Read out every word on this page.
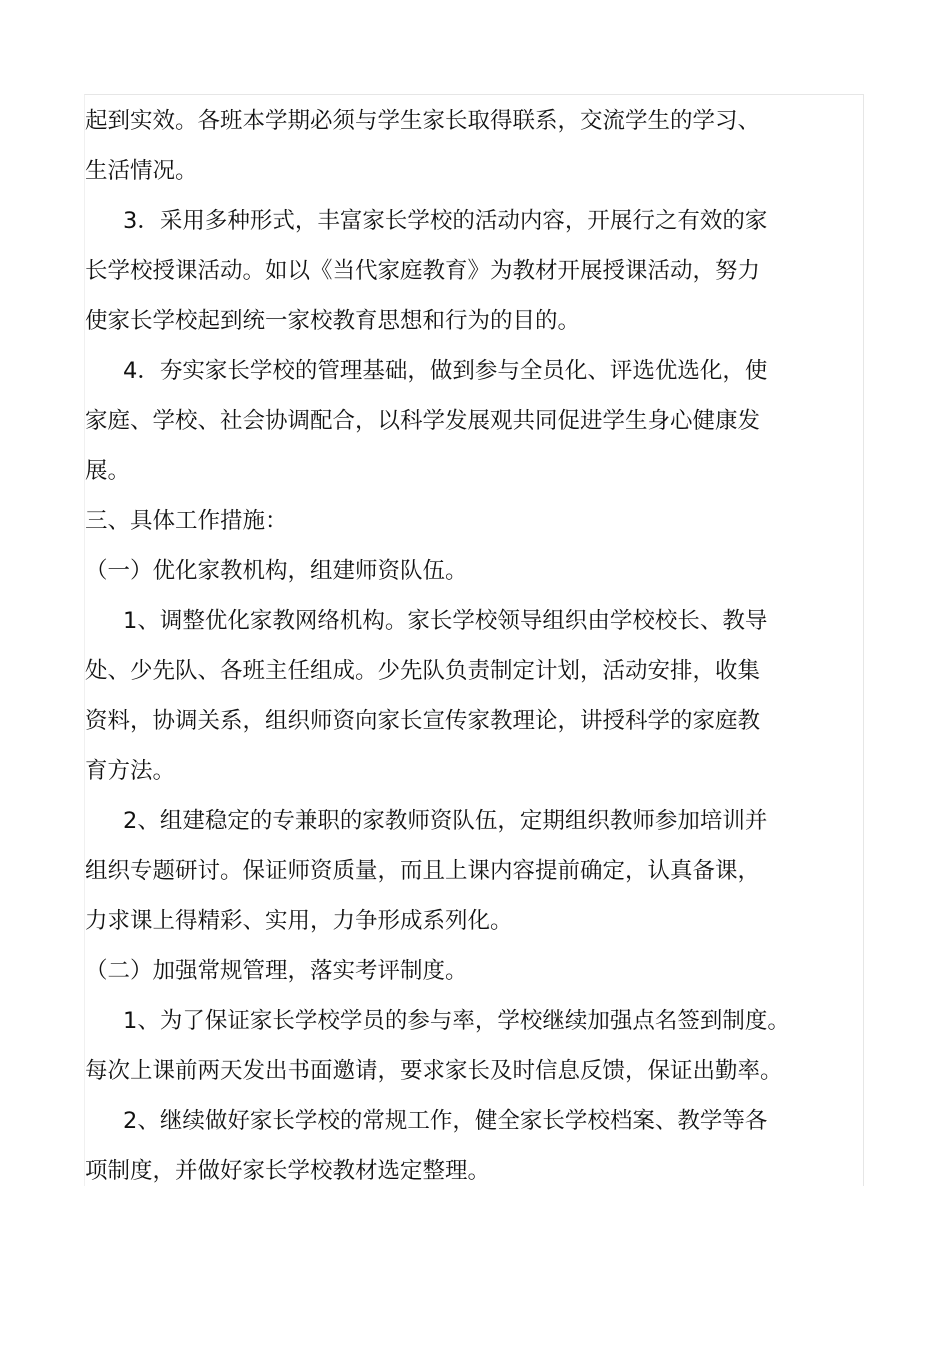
起到实效。各班本学期必须与学生家长取得联系，交流学生的学习、
生活情况。
3．采用多种形式，丰富家长学校的活动内容，开展行之有效的家
长学校授课活动。如以《当代家庭教育》为教材开展授课活动，努力
使家长学校起到统一家校教育思想和行为的目的。
4．夯实家长学校的管理基础，做到参与全员化、评选优选化，使
家庭、学校、社会协调配合，以科学发展观共同促进学生身心健康发
展。
三、具体工作措施：
（一）优化家教机构，组建师资队伍。
1、调整优化家教网络机构。家长学校领导组织由学校校长、教导
处、少先队、各班主任组成。少先队负责制定计划，活动安排，收集
资料，协调关系，组织师资向家长宣传家教理论，讲授科学的家庭教
育方法。
2、组建稳定的专兼职的家教师资队伍，定期组织教师参加培训并
组织专题研讨。保证师资质量，而且上课内容提前确定，认真备课，
力求课上得精彩、实用，力争形成系列化。
（二）加强常规管理，落实考评制度。
1、为了保证家长学校学员的参与率，学校继续加强点名签到制度。
每次上课前两天发出书面邀请，要求家长及时信息反馈，保证出勤率。
2、继续做好家长学校的常规工作，健全家长学校档案、教学等各
项制度，并做好家长学校教材选定整理。
